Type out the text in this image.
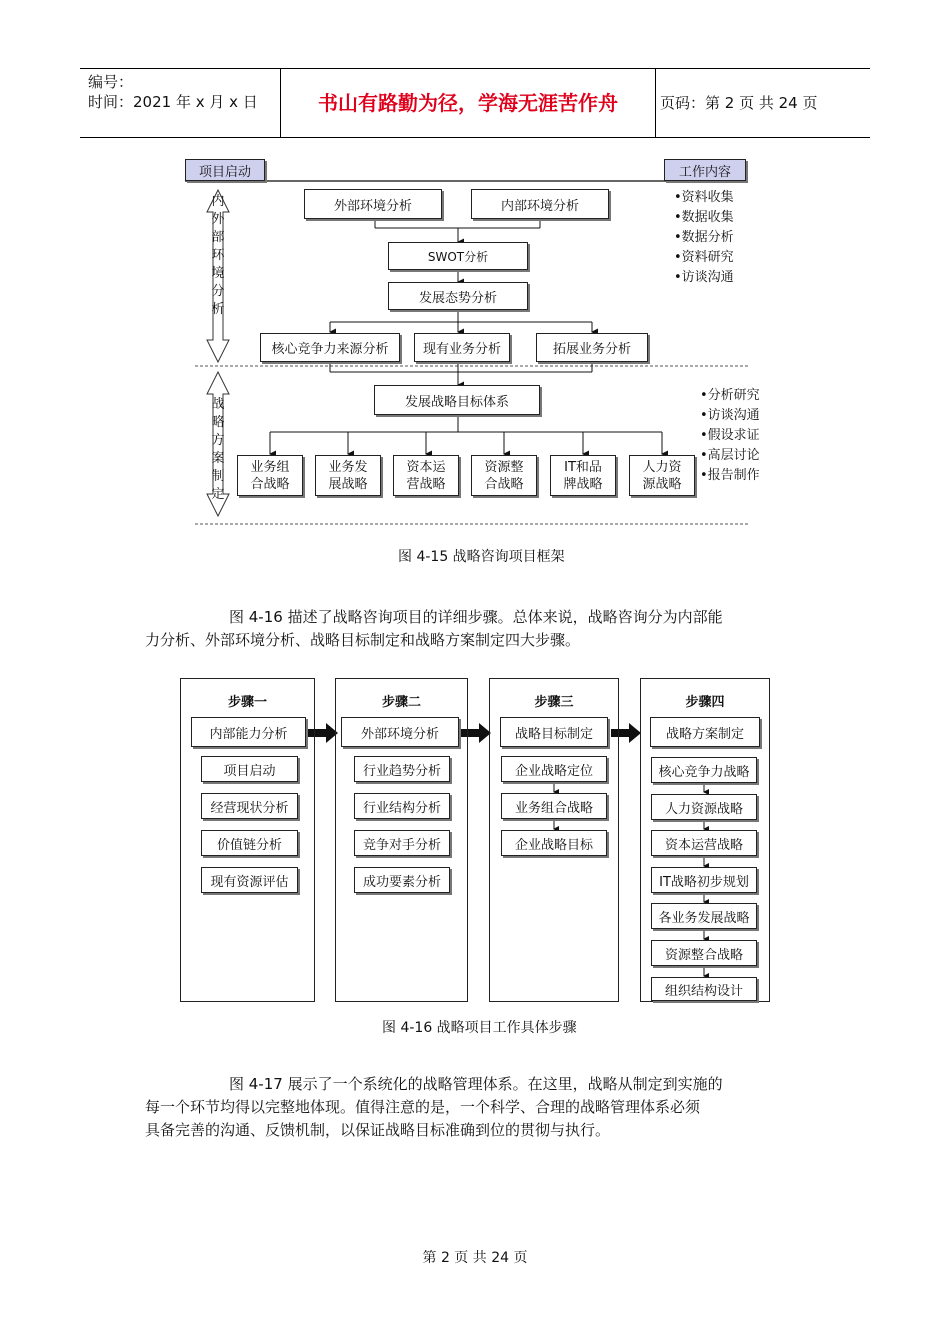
编号：
时间：2021 年 x 月 x 日	书山有路勤为径，学海无涯苦作舟	页码：第 2 页 共 24 页
项目启动	工作内容
内
外
部
环
境
分
析
战
略
方
案
制
定
外部环境分析	内部环境分析
SWOT分析
发展态势分析
核心竞争力来源分析	现有业务分析	拓展业务分析
发展战略目标体系
业务组
合战略
业务发
展战略
资本运
营战略
资源整
合战略
IT和品
牌战略
人力资
源战略
•资料收集
•数据收集
•数据分析
•资料研究
•访谈沟通
•分析研究
•访谈沟通
•假设求证
•高层讨论
•报告制作
图 4-15 战略咨询项目框架
图 4-16 描述了战略咨询项目的详细步骤。总体来说，战略咨询分为内部能
力分析、外部环境分析、战略目标制定和战略方案制定四大步骤。
步骤一
内部能力分析
项目启动
经营现状分析
价值链分析
现有资源评估
步骤二
外部环境分析
行业趋势分析
行业结构分析
竞争对手分析
成功要素分析
步骤三
战略目标制定
企业战略定位
业务组合战略
企业战略目标
步骤四
战略方案制定
核心竞争力战略
人力资源战略
资本运营战略
IT战略初步规划
各业务发展战略
资源整合战略
组织结构设计
图 4-16 战略项目工作具体步骤
图 4-17 展示了一个系统化的战略管理体系。在这里，战略从制定到实施的
每一个环节均得以完整地体现。值得注意的是，一个科学、合理的战略管理体系必须
具备完善的沟通、反馈机制，以保证战略目标准确到位的贯彻与执行。
第 2 页 共 24 页
